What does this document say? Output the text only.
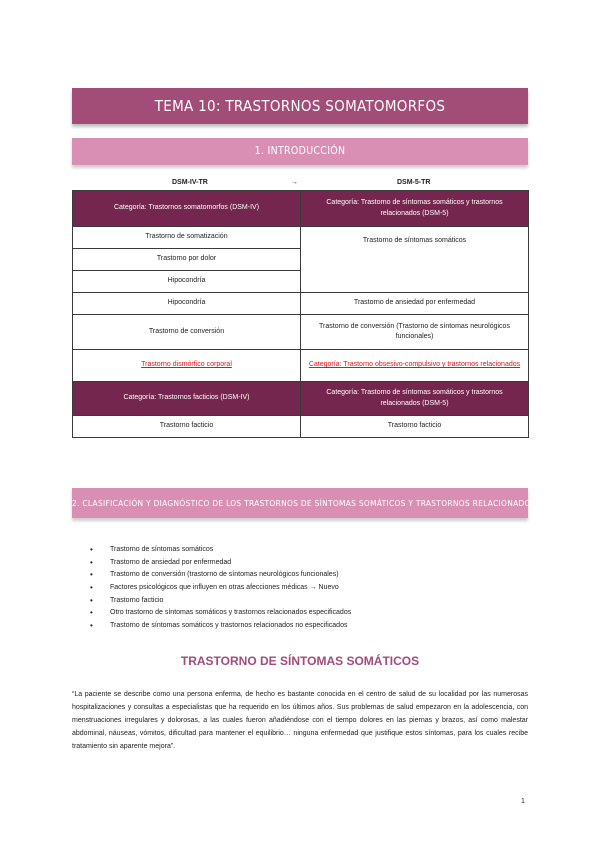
TEMA 10: TRASTORNOS SOMATOMORFOS
1. INTRODUCCIÓN
DSM-IV-TR	→	DSM-5-TR
Categoría: Trastornos somatomorfos (DSM-IV)	Categoría: Trastorno de síntomas somáticos y trastornos relacionados (DSM-5)
Trastorno de somatización	Trastorno de síntomas somáticos
Trastorno por dolor	
Hipocondría	
Hipocondría	Trastorno de ansiedad por enfermedad
Trastorno de conversión	Trastorno de conversión (Trastorno de síntomas neurológicos funcionales)
Trastorno dismórfico corporal	Categoría: Trastorno obsesivo-compulsivo y trastornos relacionados
Categoría: Trastornos facticios (DSM-IV)	Categoría: Trastorno de síntomas somáticos y trastornos relacionados (DSM-5)
Trastorno facticio	Trastorno facticio
2. CLASIFICACIÓN Y DIAGNÓSTICO DE LOS TRASTORNOS DE SÍNTOMAS SOMÁTICOS Y TRASTORNOS RELACIONADOS
• Trastorno de síntomas somáticos
• Trastorno de ansiedad por enfermedad
• Trastorno de conversión (trastorno de síntomas neurológicos funcionales)
• Factores psicológicos que influyen en otras afecciones médicas → Nuevo
• Trastorno facticio
• Otro trastorno de síntomas somáticos y trastornos relacionados especificados
• Trastorno de síntomas somáticos y trastornos relacionados no especificados
TRASTORNO DE SÍNTOMAS SOMÁTICOS
“La paciente se describe como una persona enferma, de hecho es bastante conocida en el centro de salud de su localidad por las numerosas hospitalizaciones y consultas a especialistas que ha requerido en los últimos años. Sus problemas de salud empezaron en la adolescencia, con menstruaciones irregulares y dolorosas, a las cuales fueron añadiéndose con el tiempo dolores en las piernas y brazos, así como malestar abdominal, náuseas, vómitos, dificultad para mantener el equilibrio… ninguna enfermedad que justifique estos síntomas, para los cuales recibe tratamiento sin aparente mejora”.
1
